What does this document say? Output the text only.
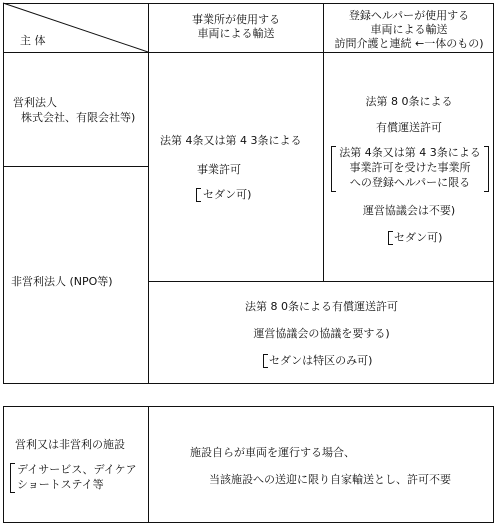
主 体
事業所が使用する
車両による輸送
登録ヘルパーが使用する
車両による輸送
訪問介護と連続 ←一体のもの)
営利法人
株式会社、有限会社等)
非営利法人 (NPO等)
法第 4条又は第 4 3条による
事業許可
セダン可)
法第 8 0条による
有償運送許可
法第 4条又は第 4 3条による
事業許可を受けた事業所
への登録ヘルパーに限る
運営協議会は不要)
セダン可)
法第 8 0条による有償運送許可
運営協議会の協議を要する)
セダンは特区のみ可)
営利又は非営利の施設
デイサービス、デイケア
ショートステイ等
施設自らが車両を運行する場合、
当該施設への送迎に限り自家輸送とし、許可不要
